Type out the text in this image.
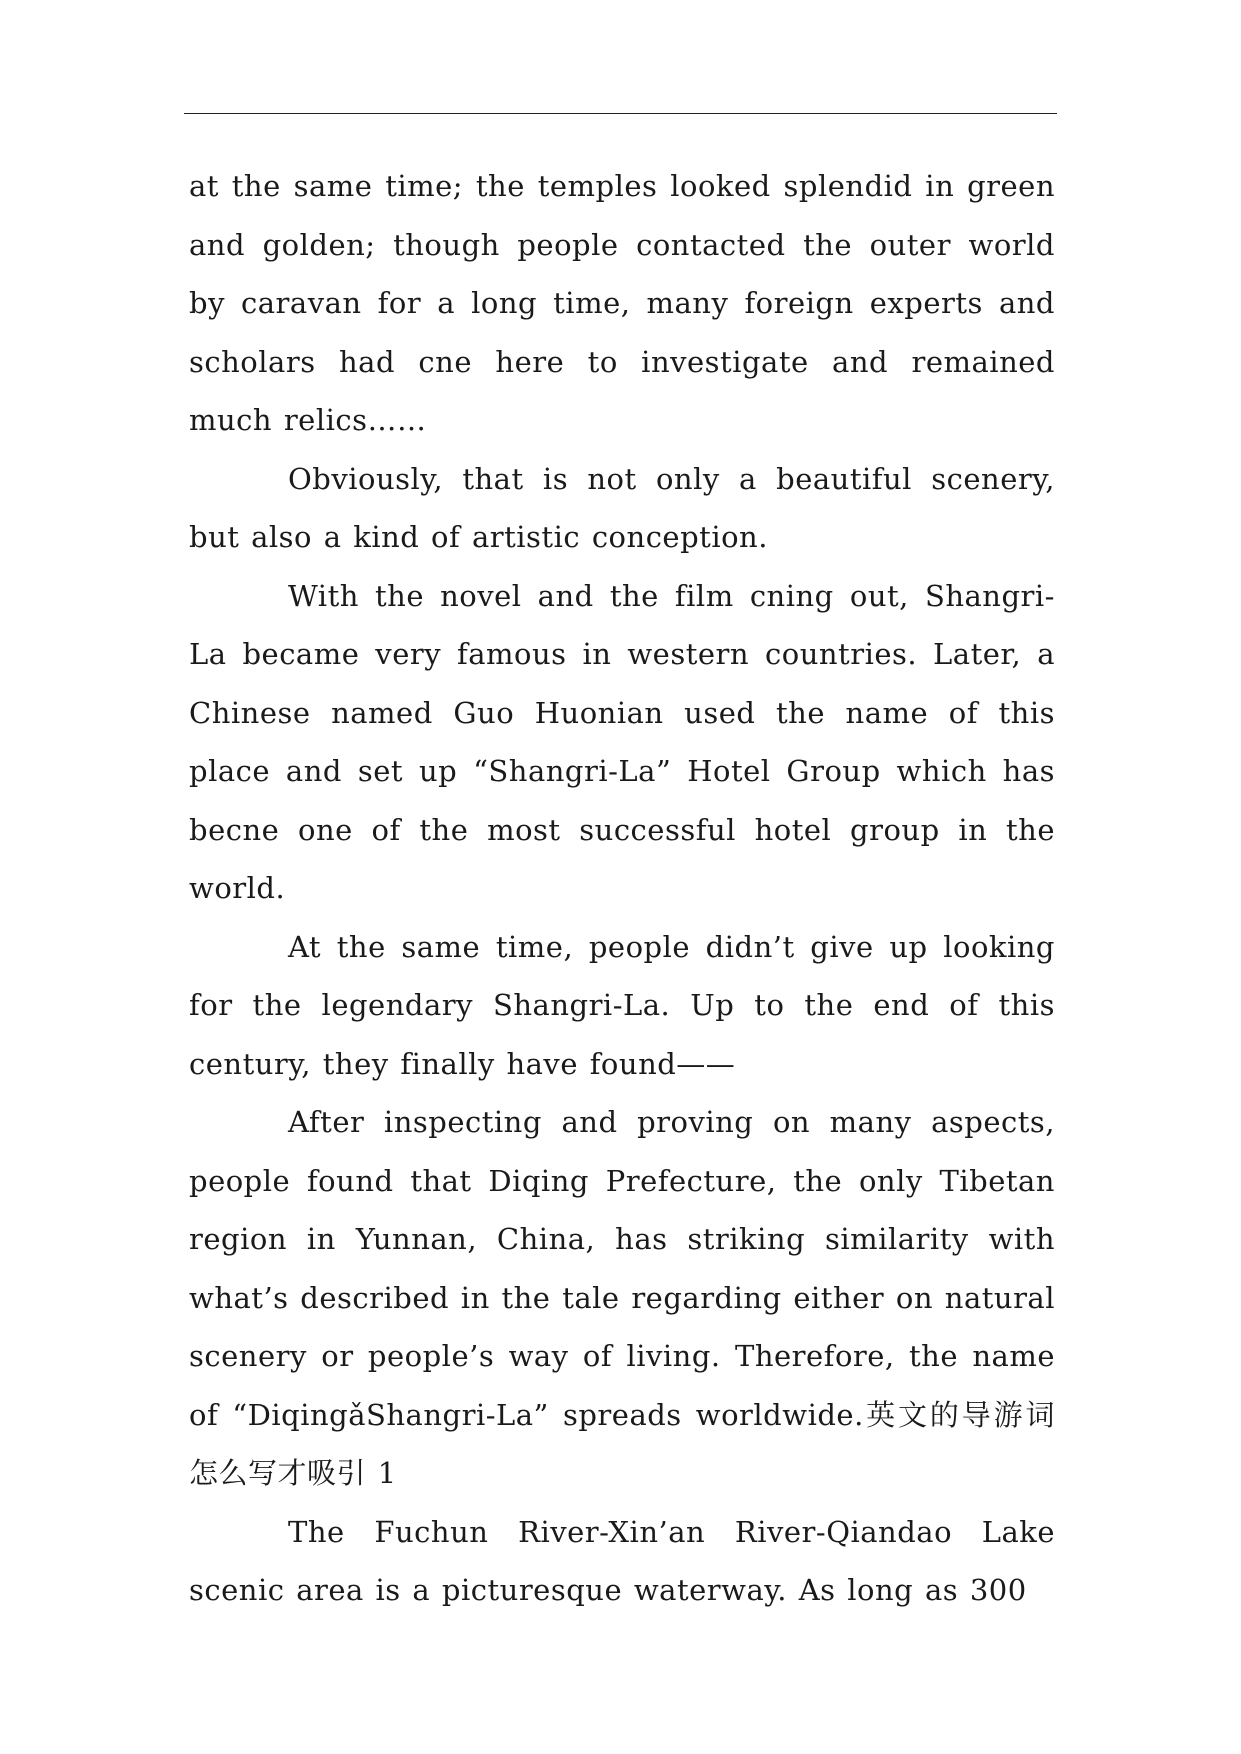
at the same time; the temples looked splendid in green and golden; though people contacted the outer world by caravan for a long time, many foreign experts and scholars had cne here to investigate and remained much relics……

Obviously, that is not only a beautiful scenery, but also a kind of artistic conception.

With the novel and the film cning out, Shangri-La became very famous in western countries. Later, a Chinese named Guo Huonian used the name of this place and set up “Shangri-La” Hotel Group which has becne one of the most successful hotel group in the world.

At the same time, people didn’t give up looking for the legendary Shangri-La. Up to the end of this century, they finally have found——

After inspecting and proving on many aspects, people found that Diqing Prefecture, the only Tibetan region in Yunnan, China, has striking similarity with what’s described in the tale regarding either on natural scenery or people’s way of living. Therefore, the name of “DiqingǎShangri-La” spreads worldwide.英文的导游词怎么写才吸引 1

The Fuchun River-Xin’an River-Qiandao Lake scenic area is a picturesque waterway. As long as 300
